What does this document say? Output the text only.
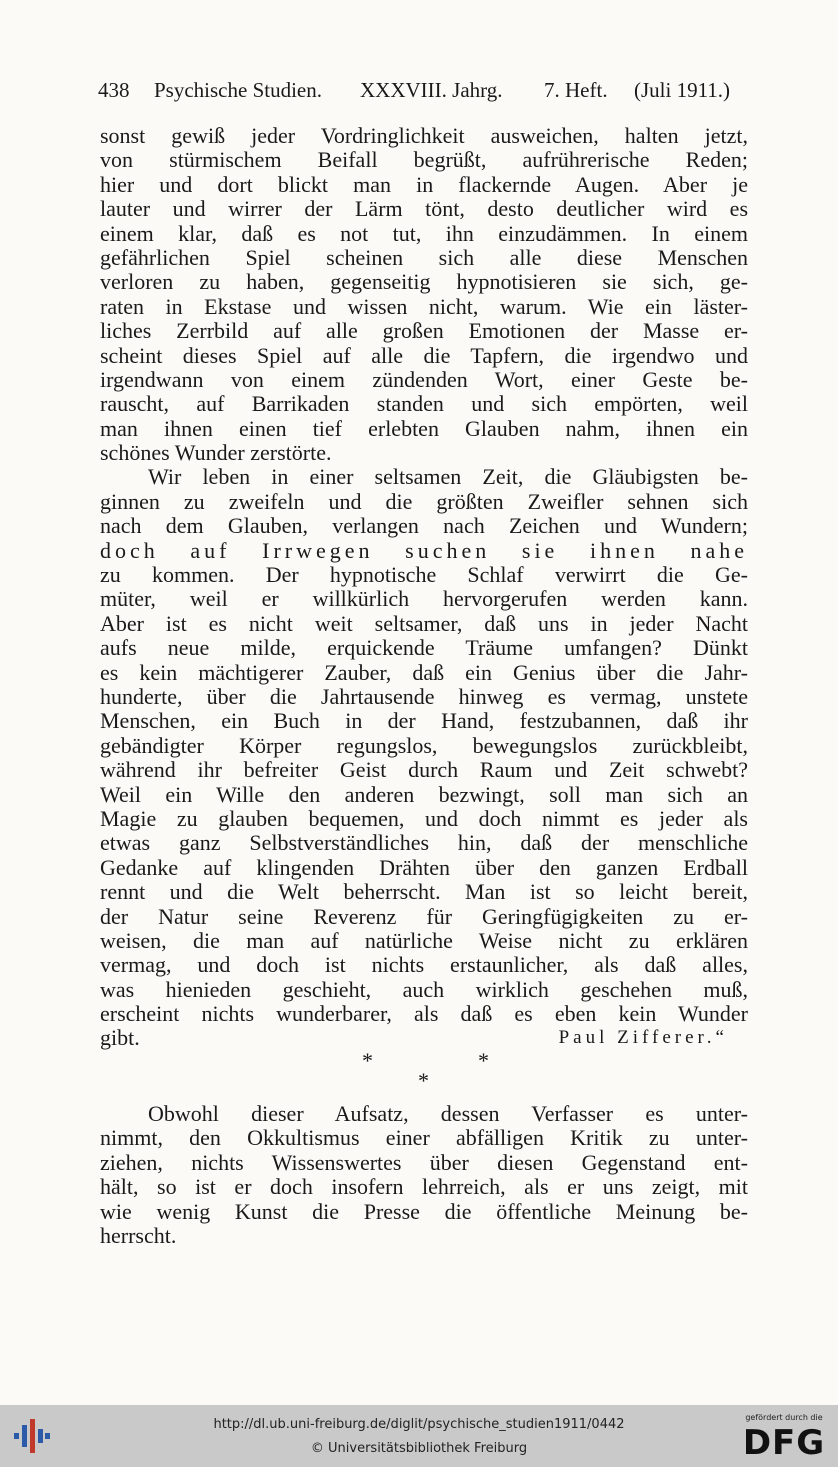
438 Psychische Studien. XXXVIII. Jahrg. 7. Heft. (Juli 1911.)
sonst gewiß jeder Vordringlichkeit ausweichen, halten jetzt,
von stürmischem Beifall begrüßt, aufrührerische Reden;
hier und dort blickt man in flackernde Augen. Aber je
lauter und wirrer der Lärm tönt, desto deutlicher wird es
einem klar, daß es not tut, ihn einzudämmen. In einem
gefährlichen Spiel scheinen sich alle diese Menschen
verloren zu haben, gegenseitig hypnotisieren sie sich, ge-
raten in Ekstase und wissen nicht, warum. Wie ein läster-
liches Zerrbild auf alle großen Emotionen der Masse er-
scheint dieses Spiel auf alle die Tapfern, die irgendwo und
irgendwann von einem zündenden Wort, einer Geste be-
rauscht, auf Barrikaden standen und sich empörten, weil
man ihnen einen tief erlebten Glauben nahm, ihnen ein
schönes Wunder zerstörte.
Wir leben in einer seltsamen Zeit, die Gläubigsten be-
ginnen zu zweifeln und die größten Zweifler sehnen sich
nach dem Glauben, verlangen nach Zeichen und Wundern;
doch auf Irrwegen suchen sie ihnen nahe
zu kommen. Der hypnotische Schlaf verwirrt die Ge-
müter, weil er willkürlich hervorgerufen werden kann.
Aber ist es nicht weit seltsamer, daß uns in jeder Nacht
aufs neue milde, erquickende Träume umfangen? Dünkt
es kein mächtigerer Zauber, daß ein Genius über die Jahr-
hunderte, über die Jahrtausende hinweg es vermag, unstete
Menschen, ein Buch in der Hand, festzubannen, daß ihr
gebändigter Körper regungslos, bewegungslos zurückbleibt,
während ihr befreiter Geist durch Raum und Zeit schwebt?
Weil ein Wille den anderen bezwingt, soll man sich an
Magie zu glauben bequemen, und doch nimmt es jeder als
etwas ganz Selbstverständliches hin, daß der menschliche
Gedanke auf klingenden Drähten über den ganzen Erdball
rennt und die Welt beherrscht. Man ist so leicht bereit,
der Natur seine Reverenz für Geringfügigkeiten zu er-
weisen, die man auf natürliche Weise nicht zu erklären
vermag, und doch ist nichts erstaunlicher, als daß alles,
was hienieden geschieht, auch wirklich geschehen muß,
erscheint nichts wunderbarer, als daß es eben kein Wunder
gibt.	Paul Zifferer.“
*	*
*
Obwohl dieser Aufsatz, dessen Verfasser es unter-
nimmt, den Okkultismus einer abfälligen Kritik zu unter-
ziehen, nichts Wissenswertes über diesen Gegenstand ent-
hält, so ist er doch insofern lehrreich, als er uns zeigt, mit
wie wenig Kunst die Presse die öffentliche Meinung be-
herrscht.
http://dl.ub.uni-freiburg.de/diglit/psychische_studien1911/0442
© Universitätsbibliothek Freiburg
gefördert durch die
DFG
